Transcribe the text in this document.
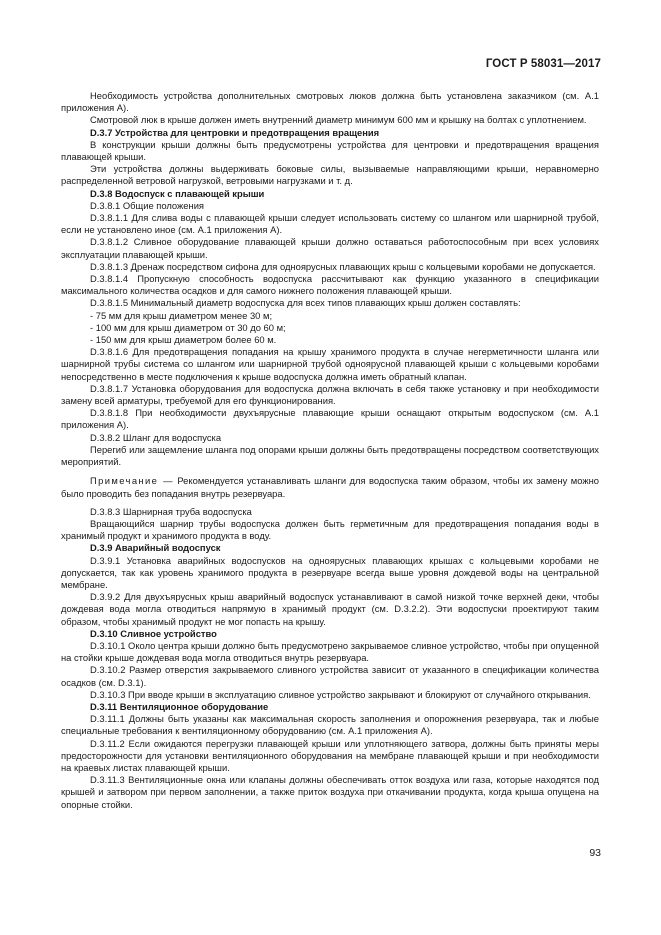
ГОСТ Р 58031—2017

Необходимость устройства дополнительных смотровых люков должна быть установлена заказчиком (см. А.1 приложения А).

Смотровой люк в крыше должен иметь внутренний диаметр минимум 600 мм и крышку на болтах с уплотнением.

D.3.7 Устройства для центровки и предотвращения вращения

В конструкции крыши должны быть предусмотрены устройства для центровки и предотвращения вращения плавающей крыши.

Эти устройства должны выдерживать боковые силы, вызываемые направляющими крыши, неравномерно распределенной ветровой нагрузкой, ветровыми нагрузками и т. д.

D.3.8 Водоспуск с плавающей крыши

D.3.8.1 Общие положения

D.3.8.1.1 Для слива воды с плавающей крыши следует использовать систему со шлангом или шарнирной трубой, если не установлено иное (см. А.1 приложения А).

D.3.8.1.2 Сливное оборудование плавающей крыши должно оставаться работоспособным при всех условиях эксплуатации плавающей крыши.

D.3.8.1.3 Дренаж посредством сифона для одноярусных плавающих крыш с кольцевыми коробами не допускается.

D.3.8.1.4 Пропускную способность водоспуска рассчитывают как функцию указанного в спецификации максимального количества осадков и для самого нижнего положения плавающей крыши.

D.3.8.1.5 Минимальный диаметр водоспуска для всех типов плавающих крыш должен составлять:

- 75 мм для крыш диаметром менее 30 м;

- 100 мм для крыш диаметром от 30 до 60 м;

- 150 мм для крыш диаметром более 60 м.

D.3.8.1.6 Для предотвращения попадания на крышу хранимого продукта в случае негерметичности шланга или шарнирной трубы система со шлангом или шарнирной трубой одноярусной плавающей крыши с кольцевыми коробами непосредственно в месте подключения к крыше водоспуска должна иметь обратный клапан.

D.3.8.1.7 Установка оборудования для водоспуска должна включать в себя также установку и при необходимости замену всей арматуры, требуемой для его функционирования.

D.3.8.1.8 При необходимости двухъярусные плавающие крыши оснащают открытым водоспуском (см. А.1 приложения А).

D.3.8.2 Шланг для водоспуска

Перегиб или защемление шланга под опорами крыши должны быть предотвращены посредством соответствующих мероприятий.

Примечание — Рекомендуется устанавливать шланги для водоспуска таким образом, чтобы их замену можно было проводить без попадания внутрь резервуара.

D.3.8.3 Шарнирная труба водоспуска

Вращающийся шарнир трубы водоспуска должен быть герметичным для предотвращения попадания воды в хранимый продукт и хранимого продукта в воду.

D.3.9 Аварийный водоспуск

D.3.9.1 Установка аварийных водоспусков на одноярусных плавающих крышах с кольцевыми коробами не допускается, так как уровень хранимого продукта в резервуаре всегда выше уровня дождевой воды на центральной мембране.

D.3.9.2 Для двухъярусных крыш аварийный водоспуск устанавливают в самой низкой точке верхней деки, чтобы дождевая вода могла отводиться напрямую в хранимый продукт (см. D.3.2.2). Эти водоспуски проектируют таким образом, чтобы хранимый продукт не мог попасть на крышу.

D.3.10 Сливное устройство

D.3.10.1 Около центра крыши должно быть предусмотрено закрываемое сливное устройство, чтобы при опущенной на стойки крыше дождевая вода могла отводиться внутрь резервуара.

D.3.10.2 Размер отверстия закрываемого сливного устройства зависит от указанного в спецификации количества осадков (см. D.3.1).

D.3.10.3 При вводе крыши в эксплуатацию сливное устройство закрывают и блокируют от случайного открывания.

D.3.11 Вентиляционное оборудование

D.3.11.1 Должны быть указаны как максимальная скорость заполнения и опорожнения резервуара, так и любые специальные требования к вентиляционному оборудованию (см. А.1 приложения А).

D.3.11.2 Если ожидаются перегрузки плавающей крыши или уплотняющего затвора, должны быть приняты меры предосторожности для установки вентиляционного оборудования на мембране плавающей крыши и при необходимости на краевых листах плавающей крыши.

D.3.11.3 Вентиляционные окна или клапаны должны обеспечивать отток воздуха или газа, которые находятся под крышей и затвором при первом заполнении, а также приток воздуха при откачивании продукта, когда крыша опущена на опорные стойки.

93
